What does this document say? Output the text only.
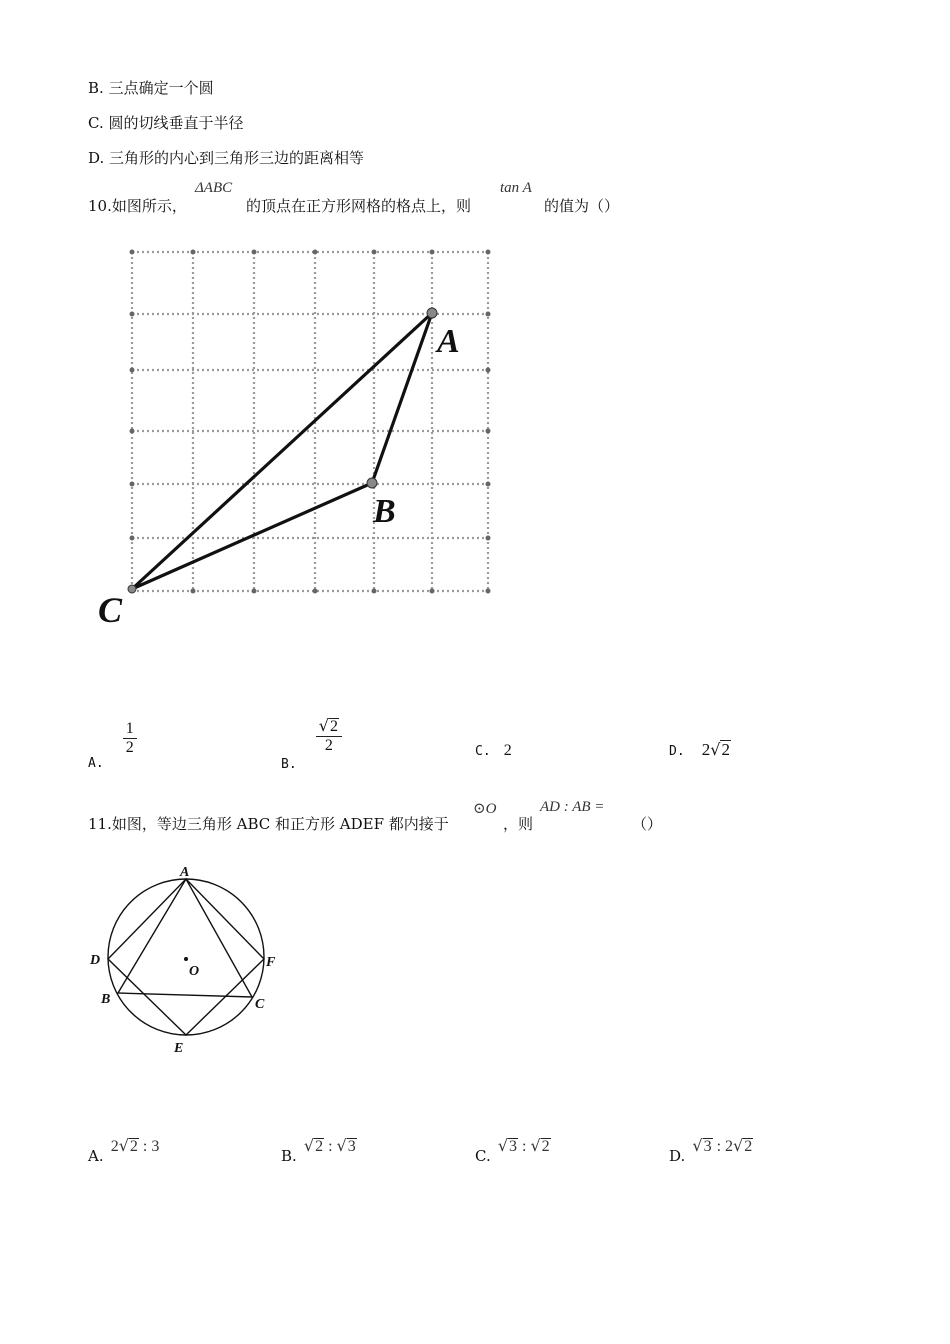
B. 三点确定一个圆
C. 圆的切线垂直于半径
D. 三角形的内心到三角形三边的距离相等
10.如图所示，
ΔABC
的顶点在正方形网格的格点上，则
tan A
的值为（）
A
B
C
$_{A.}$
$\frac{1}{2}$
$_{B.}$
$\frac{√2}{2}$	C. 2	D. 2√2
11.如图，等边三角形 ABC 和正方形 ADEF 都内接于
⊙O
，则
AD : AB =
（）
A
D	F
B	C
E
O
A. 2√2 : 3
B. √2 : √3
C. √3 : √2
D. √3 : 2√2
